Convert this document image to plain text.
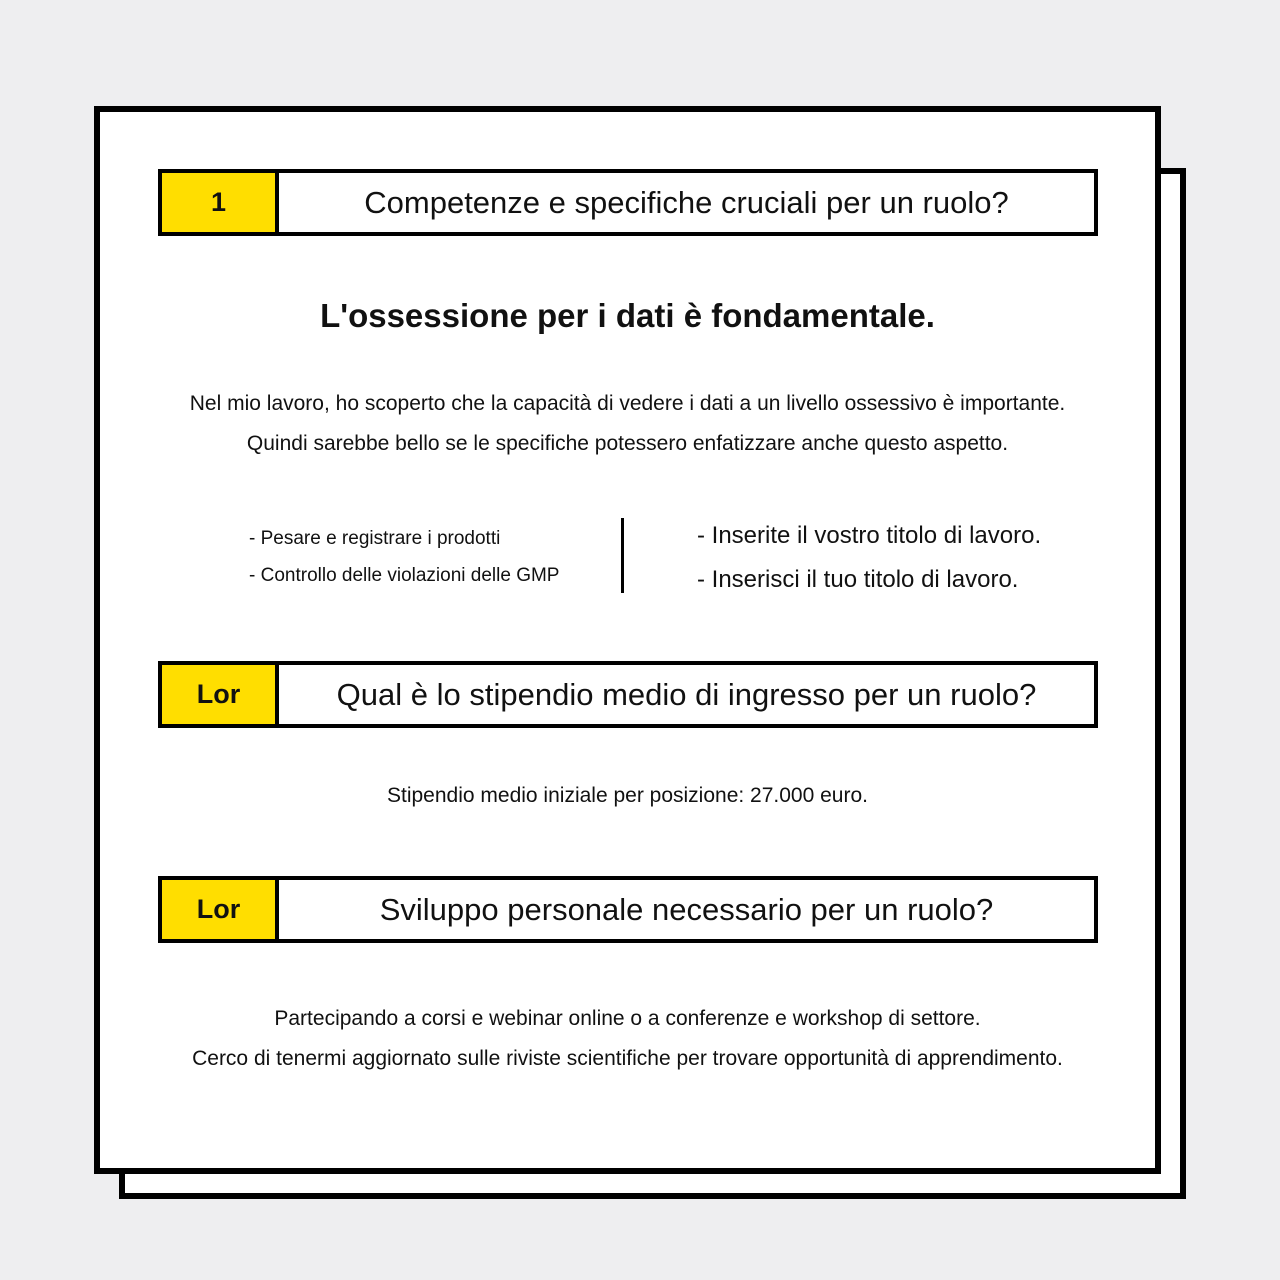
1	Competenze e specifiche cruciali per un ruolo?
L'ossessione per i dati è fondamentale.

Nel mio lavoro, ho scoperto che la capacità di vedere i dati a un livello ossessivo è importante.

Quindi sarebbe bello se le specifiche potessero enfatizzare anche questo aspetto.

- Pesare e registrare i prodotti
- Controllo delle violazioni delle GMP
- Inserite il vostro titolo di lavoro.
- Inserisci il tuo titolo di lavoro.
Lor	Qual è lo stipendio medio di ingresso per un ruolo?
Stipendio medio iniziale per posizione: 27.000 euro.
Lor	Sviluppo personale necessario per un ruolo?

Partecipando a corsi e webinar online o a conferenze e workshop di settore.

Cerco di tenermi aggiornato sulle riviste scientifiche per trovare opportunità di apprendimento.
